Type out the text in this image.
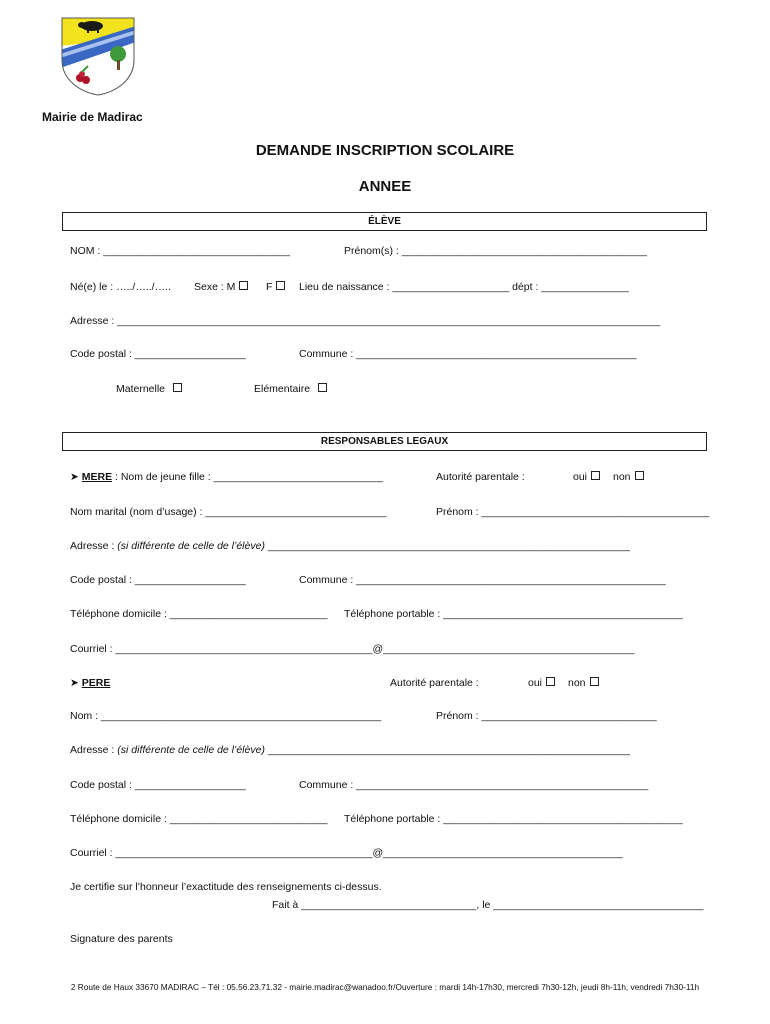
Mairie de Madirac
DEMANDE INSCRIPTION SCOLAIRE
ANNEE
ÉLÈVE
NOM : ________________________________	Prénom(s) : __________________________________________
Né(e) le : …../…../….. Sexe : M	F	Lieu de naissance : ____________________ dépt : _______________
Adresse : _____________________________________________________________________________________________
Code postal : ___________________	Commune : ________________________________________________
Maternelle	Elémentaire
RESPONSABLES LEGAUX
➤ MERE : Nom de jeune fille : _____________________________	Autorité parentale :	oui	non
Nom marital (nom d’usage) : _______________________________	Prénom : _______________________________________
Adresse : (si différente de celle de l’élève) ______________________________________________________________
Code postal : ___________________	Commune : _____________________________________________________
Téléphone domicile : ___________________________ Téléphone portable : _________________________________________
Courriel : ____________________________________________@___________________________________________
➤ PERE	Autorité parentale :	oui	non
Nom : ________________________________________________	Prénom : ______________________________
Adresse : (si différente de celle de l’élève) ______________________________________________________________
Code postal : ___________________	Commune : __________________________________________________
Téléphone domicile : ___________________________ Téléphone portable : _________________________________________
Courriel : ____________________________________________@_________________________________________
Je certifie sur l’honneur l’exactitude des renseignements ci-dessus.
Fait à ______________________________, le ____________________________________
Signature des parents
2 Route de Haux 33670 MADIRAC – Tél : 05.56.23.71.32 - mairie.madirac@wanadoo.fr/Ouverture : mardi 14h-17h30, mercredi 7h30-12h, jeudi 8h-11h, vendredi 7h30-11h
